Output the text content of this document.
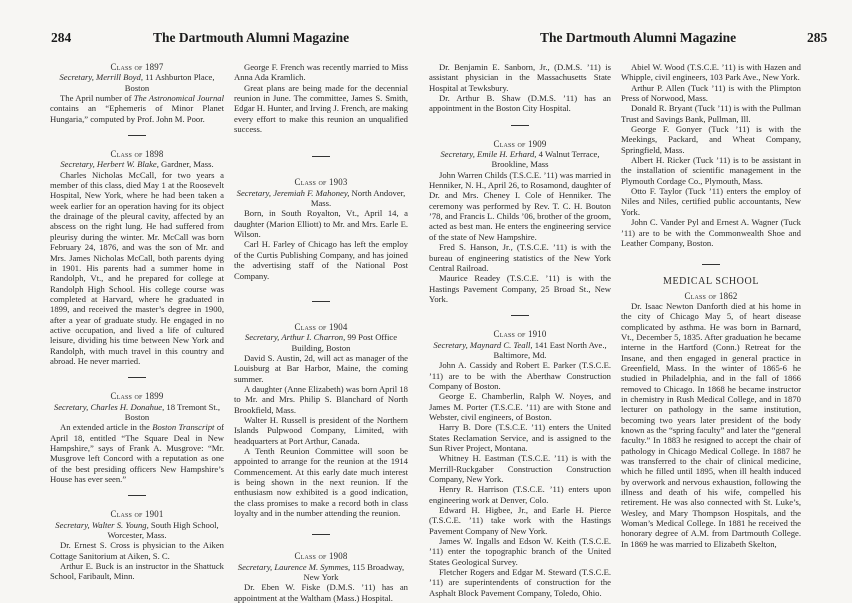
284	The Dartmouth Alumni Magazine
Class of 1897
Secretary, Merrill Boyd, 11 Ashburton Place, Boston

The April number of The Astronomical Journal contains an “Ephemeris of Minor Planet Hungaria,” computed by Prof. John M. Poor.

Class of 1898
Secretary, Herbert W. Blake, Gardner, Mass.

Charles Nicholas McCall, for two years a member of this class, died May 1 at the Roosevelt Hospital, New York, where he had been taken a week earlier for an operation having for its object the drainage of the pleural cavity, affected by an abscess on the right lung. He had suffered from pleurisy during the winter. Mr. McCall was born February 24, 1876, and was the son of Mr. and Mrs. James Nicholas McCall, both parents dying in 1901. His parents had a summer home in Randolph, Vt., and he prepared for college at Randolph High School. His college course was completed at Harvard, where he graduated in 1899, and received the master’s degree in 1900, after a year of graduate study. He engaged in no active occupation, and lived a life of cultured leisure, dividing his time between New York and Randolph, with much travel in this country and abroad. He never married.

Class of 1899
Secretary, Charles H. Donahue, 18 Tremont St., Boston

An extended article in the Boston Transcript of April 18, entitled “The Square Deal in New Hampshire,” says of Frank A. Musgrove: “Mr. Musgrove left Concord with a reputation as one of the best presiding officers New Hampshire’s House has ever seen.”

Class of 1901
Secretary, Walter S. Young, South High School, Worcester, Mass.

Dr. Ernest S. Cross is physician to the Aiken Cottage Sanitorium at Aiken, S. C.

Arthur E. Buck is an instructor in the Shattuck School, Faribault, Minn.

George F. French was recently married to Miss Anna Ada Kramlich.

Great plans are being made for the decennial reunion in June. The committee, James S. Smith, Edgar H. Hunter, and Irving J. French, are making every effort to make this reunion an unqualified success.

Class of 1903
Secretary, Jeremiah F. Mahoney, North Andover, Mass.

Born, in South Royalton, Vt., April 14, a daughter (Marion Elliott) to Mr. and Mrs. Earle E. Wilson.

Carl H. Farley of Chicago has left the employ of the Curtis Publishing Company, and has joined the advertising staff of the National Post Company.

Class of 1904
Secretary, Arthur I. Charron, 99 Post Office Building, Boston

David S. Austin, 2d, will act as manager of the Louisburg at Bar Harbor, Maine, the coming summer.

A daughter (Anne Elizabeth) was born April 18 to Mr. and Mrs. Philip S. Blanchard of North Brookfield, Mass.

Walter H. Russell is president of the Northern Islands Pulpwood Company, Limited, with headquarters at Port Arthur, Canada.

A Tenth Reunion Committee will soon be appointed to arrange for the reunion at the 1914 Commencement. At this early date much interest is being shown in the next reunion. If the enthusiasm now exhibited is a good indication, the class promises to make a record both in class loyalty and in the number attending the reunion.

Class of 1908
Secretary, Laurence M. Symmes, 115 Broadway, New York

Dr. Eben W. Fiske (D.M.S. ’11) has an appointment at the Waltham (Mass.) Hospital.

The Dartmouth Alumni Magazine	285

Dr. Benjamin E. Sanborn, Jr., (D.M.S. ’11) is assistant physician in the Massachusetts State Hospital at Tewksbury.

Dr. Arthur B. Shaw (D.M.S. ’11) has an appointment in the Boston City Hospital.

Class of 1909
Secretary, Emile H. Erhard, 4 Walnut Terrace, Brookline, Mass

John Warren Childs (T.S.C.E. ’11) was married in Henniker, N. H., April 26, to Rosamond, daughter of Dr. and Mrs. Cheney I. Cole of Henniker. The ceremony was performed by Rev. T. C. H. Bouton ’78, and Francis L. Childs ’06, brother of the groom, acted as best man. He enters the engineering service of the state of New Hampshire.

Fred S. Hanson, Jr., (T.S.C.E. ’11) is with the bureau of engineering statistics of the New York Central Railroad.

Maurice Readey (T.S.C.E. ’11) is with the Hastings Pavement Company, 25 Broad St., New York.

Class of 1910
Secretary, Maynard C. Teall, 141 East North Ave., Baltimore, Md.

John A. Cassidy and Robert E. Parker (T.S.C.E. ’11) are to be with the Aberthaw Construction Company of Boston.

George E. Chamberlin, Ralph W. Noyes, and James M. Porter (T.S.C.E. ’11) are with Stone and Webster, civil engineers, of Boston.

Harry B. Dore (T.S.C.E. ’11) enters the United States Reclamation Service, and is assigned to the Sun River Project, Montana.

Whitney H. Eastman (T.S.C.E. ’11) is with the Merrill-Ruckgaber Construction Construction Company, New York.

Henry R. Harrison (T.S.C.E. ’11) enters upon engineering work at Denver, Colo.

Edward H. Higbee, Jr., and Earle H. Pierce (T.S.C.E. ’11) take work with the Hastings Pavement Company of New York.

James W. Ingalls and Edson W. Keith (T.S.C.E. ’11) enter the topographic branch of the United States Geological Survey.

Fletcher Rogers and Edgar M. Steward (T.S.C.E. ’11) are superintendents of construction for the Asphalt Block Pavement Company, Toledo, Ohio.

Abiel W. Wood (T.S.C.E. ’11) is with Hazen and Whipple, civil engineers, 103 Park Ave., New York.

Arthur P. Allen (Tuck ’11) is with the Plimpton Press of Norwood, Mass.

Donald R. Bryant (Tuck ’11) is with the Pullman Trust and Savings Bank, Pullman, Ill.

George F. Gonyer (Tuck ’11) is with the Meekings, Packard, and Wheat Company, Springfield, Mass.

Albert H. Ricker (Tuck ’11) is to be assistant in the installation of scientific management in the Plymouth Cordage Co., Plymouth, Mass.

Otto F. Taylor (Tuck ’11) enters the employ of Niles and Niles, certified public accountants, New York.

John C. Vander Pyl and Ernest A. Wagner (Tuck ’11) are to be with the Commonwealth Shoe and Leather Company, Boston.

MEDICAL SCHOOL
Class of 1862

Dr. Isaac Newton Danforth died at his home in the city of Chicago May 5, of heart disease complicated by asthma. He was born in Barnard, Vt., December 5, 1835. After graduation he became interne in the Hartford (Conn.) Retreat for the Insane, and then engaged in general practice in Greenfield, Mass. In the winter of 1865-6 he studied in Philadelphia, and in the fall of 1866 removed to Chicago. In 1868 he became instructor in chemistry in Rush Medical College, and in 1870 lecturer on pathology in the same institution, becoming two years later president of the body known as the “spring faculty” and later the “general faculty.” In 1883 he resigned to accept the chair of pathology in Chicago Medical College. In 1887 he was transferred to the chair of clinical medicine, which he filled until 1895, when ill health induced by overwork and nervous exhaustion, following the illness and death of his wife, compelled his retirement. He was also connected with St. Luke’s, Wesley, and Mary Thompson Hospitals, and the Woman’s Medical College. In 1881 he received the honorary degree of A.M. from Dartmouth College. In 1869 he was married to Elizabeth Skelton,
